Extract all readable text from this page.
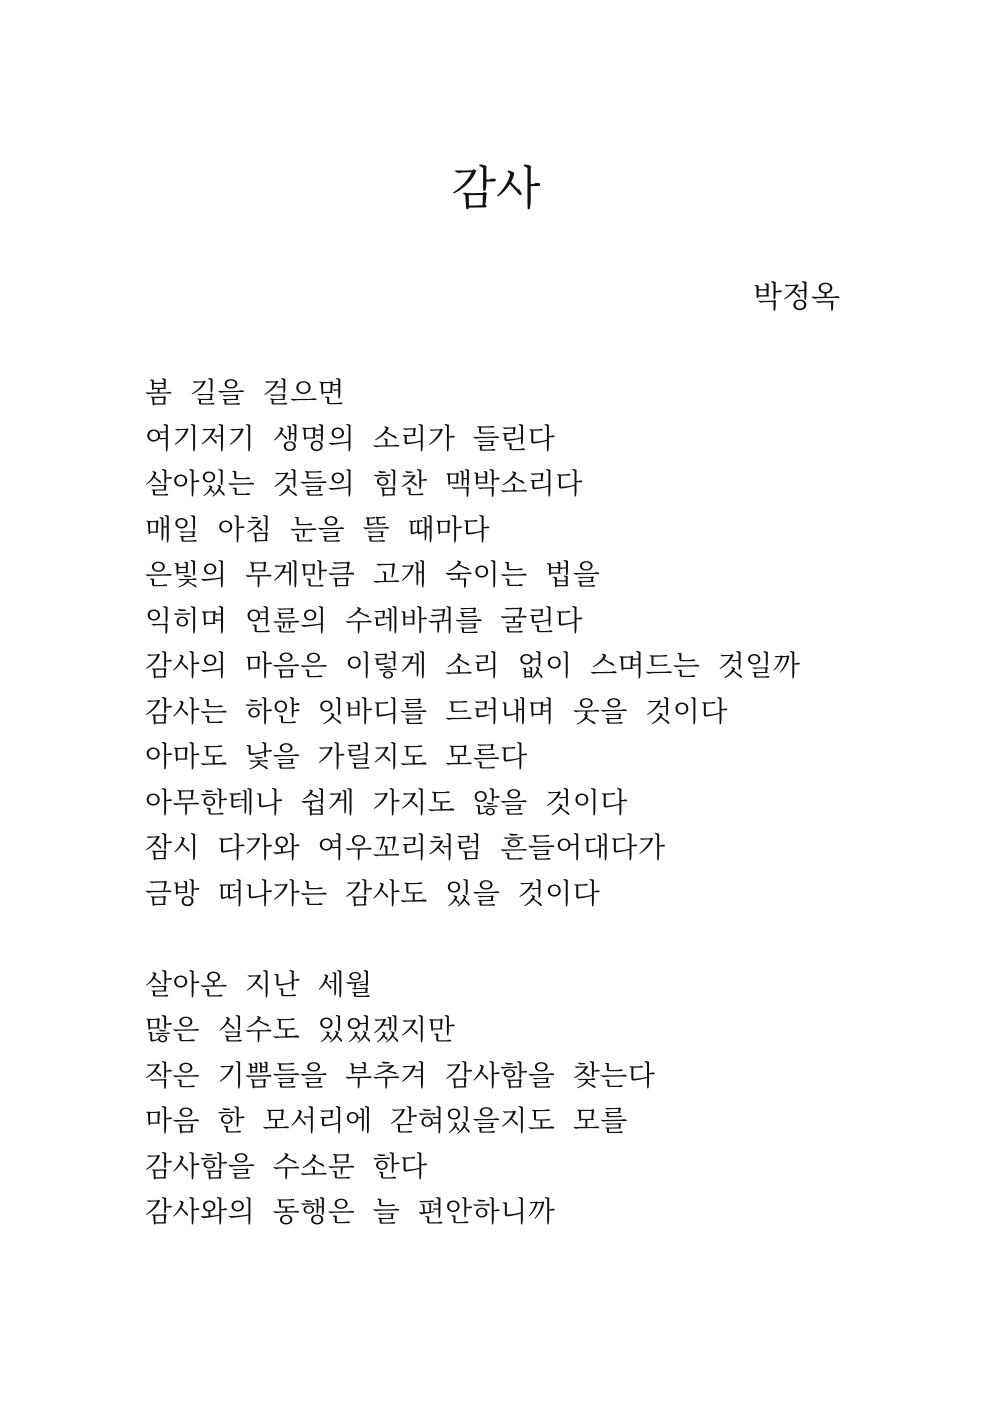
감사
박정옥
봄 길을 걸으면
여기저기 생명의 소리가 들린다
살아있는 것들의 힘찬 맥박소리다
매일 아침 눈을 뜰 때마다
은빛의 무게만큼 고개 숙이는 법을
익히며 연륜의 수레바퀴를 굴린다
감사의 마음은 이렇게 소리 없이 스며드는 것일까
감사는 하얀 잇바디를 드러내며 웃을 것이다
아마도 낯을 가릴지도 모른다
아무한테나 쉽게 가지도 않을 것이다
잠시 다가와 여우꼬리처럼 흔들어대다가
금방 떠나가는 감사도 있을 것이다
살아온 지난 세월
많은 실수도 있었겠지만
작은 기쁨들을 부추겨 감사함을 찾는다
마음 한 모서리에 갇혀있을지도 모를
감사함을 수소문 한다
감사와의 동행은 늘 편안하니까
